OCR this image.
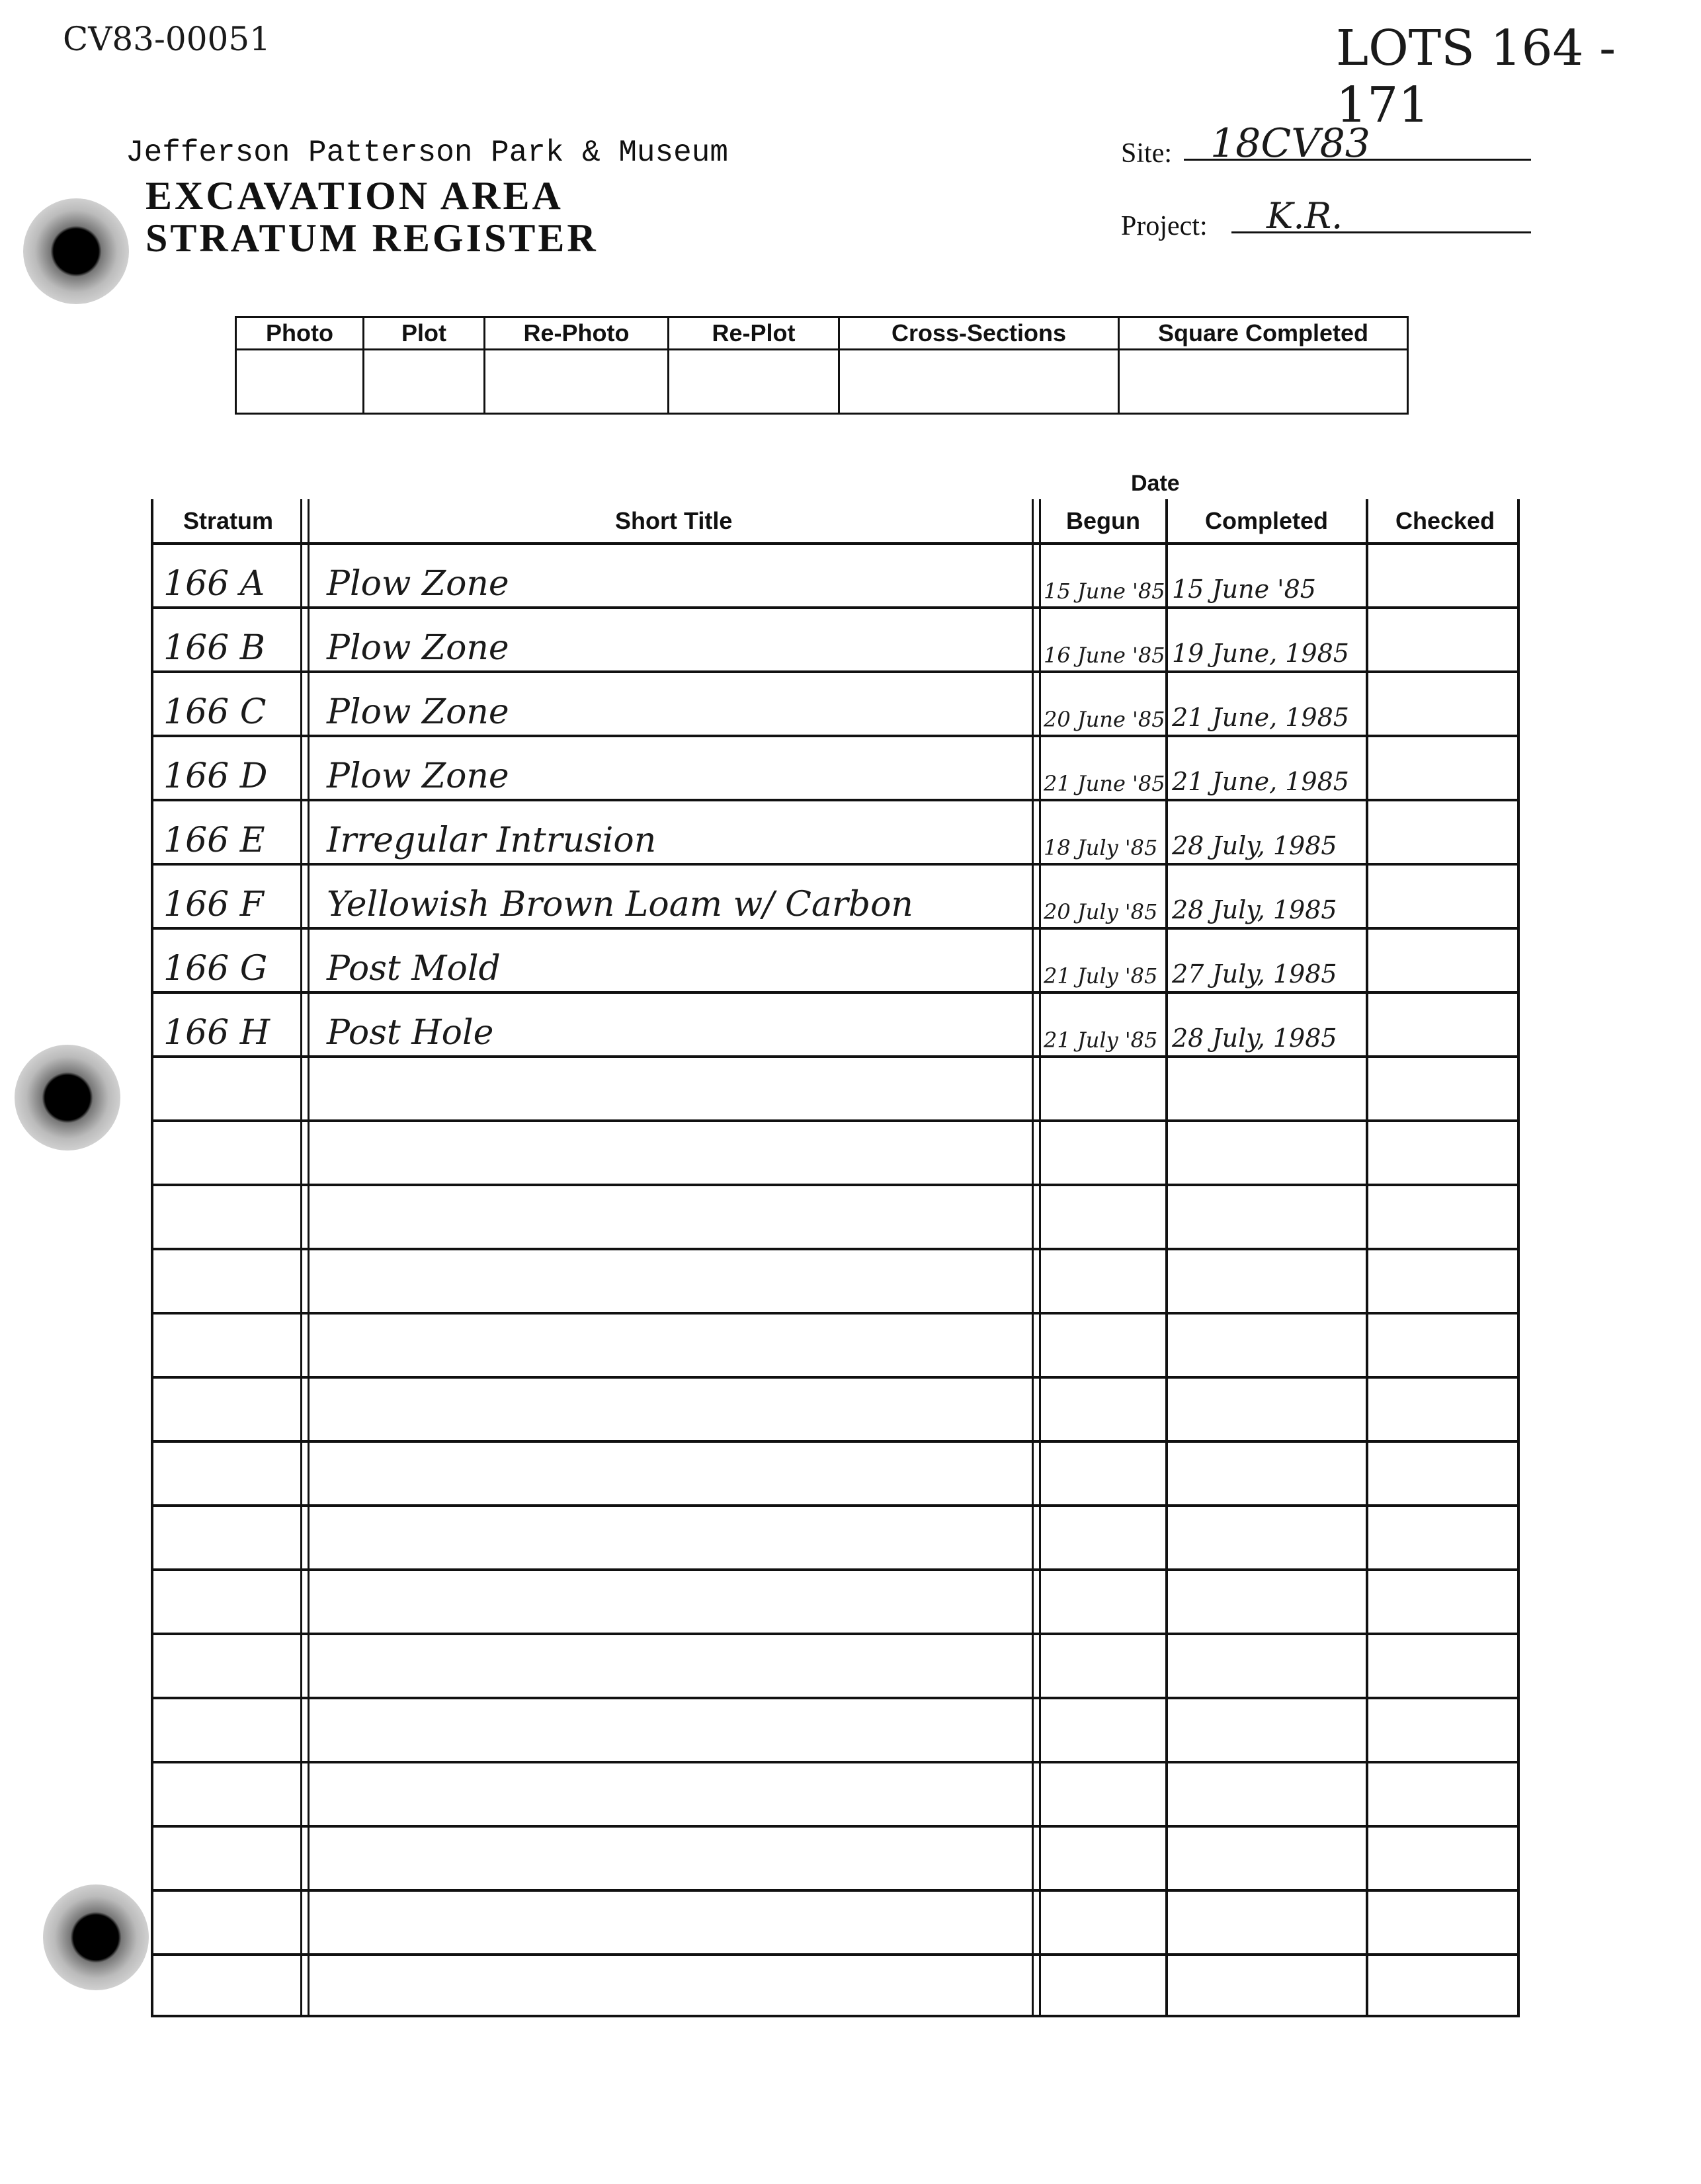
CV83-00051	LOTS 164 - 171
Jefferson Patterson Park & Museum
EXCAVATION AREA
STRATUM REGISTER
Site: 18CV83
Project: K.R.
Photo	Plot	Re-Photo	Re-Plot	Cross-Sections	Square Completed

Date
Stratum	Short Title	Begun	Completed	Checked
166 A Plow Zone	15 June '85 15 June '85
166 B Plow Zone	16 June '85 19 June, 1985
166 C Plow Zone	20 June '85 21 June, 1985
166 D Plow Zone	21 June '85 21 June, 1985
166 E Irregular Intrusion	18 July '85 28 July, 1985
166 F Yellowish Brown Loam w/ Carbon	20 July '85 28 July, 1985
166 G Post Mold	21 July '85 27 July, 1985
166 H Post Hole	21 July '85 28 July, 1985
